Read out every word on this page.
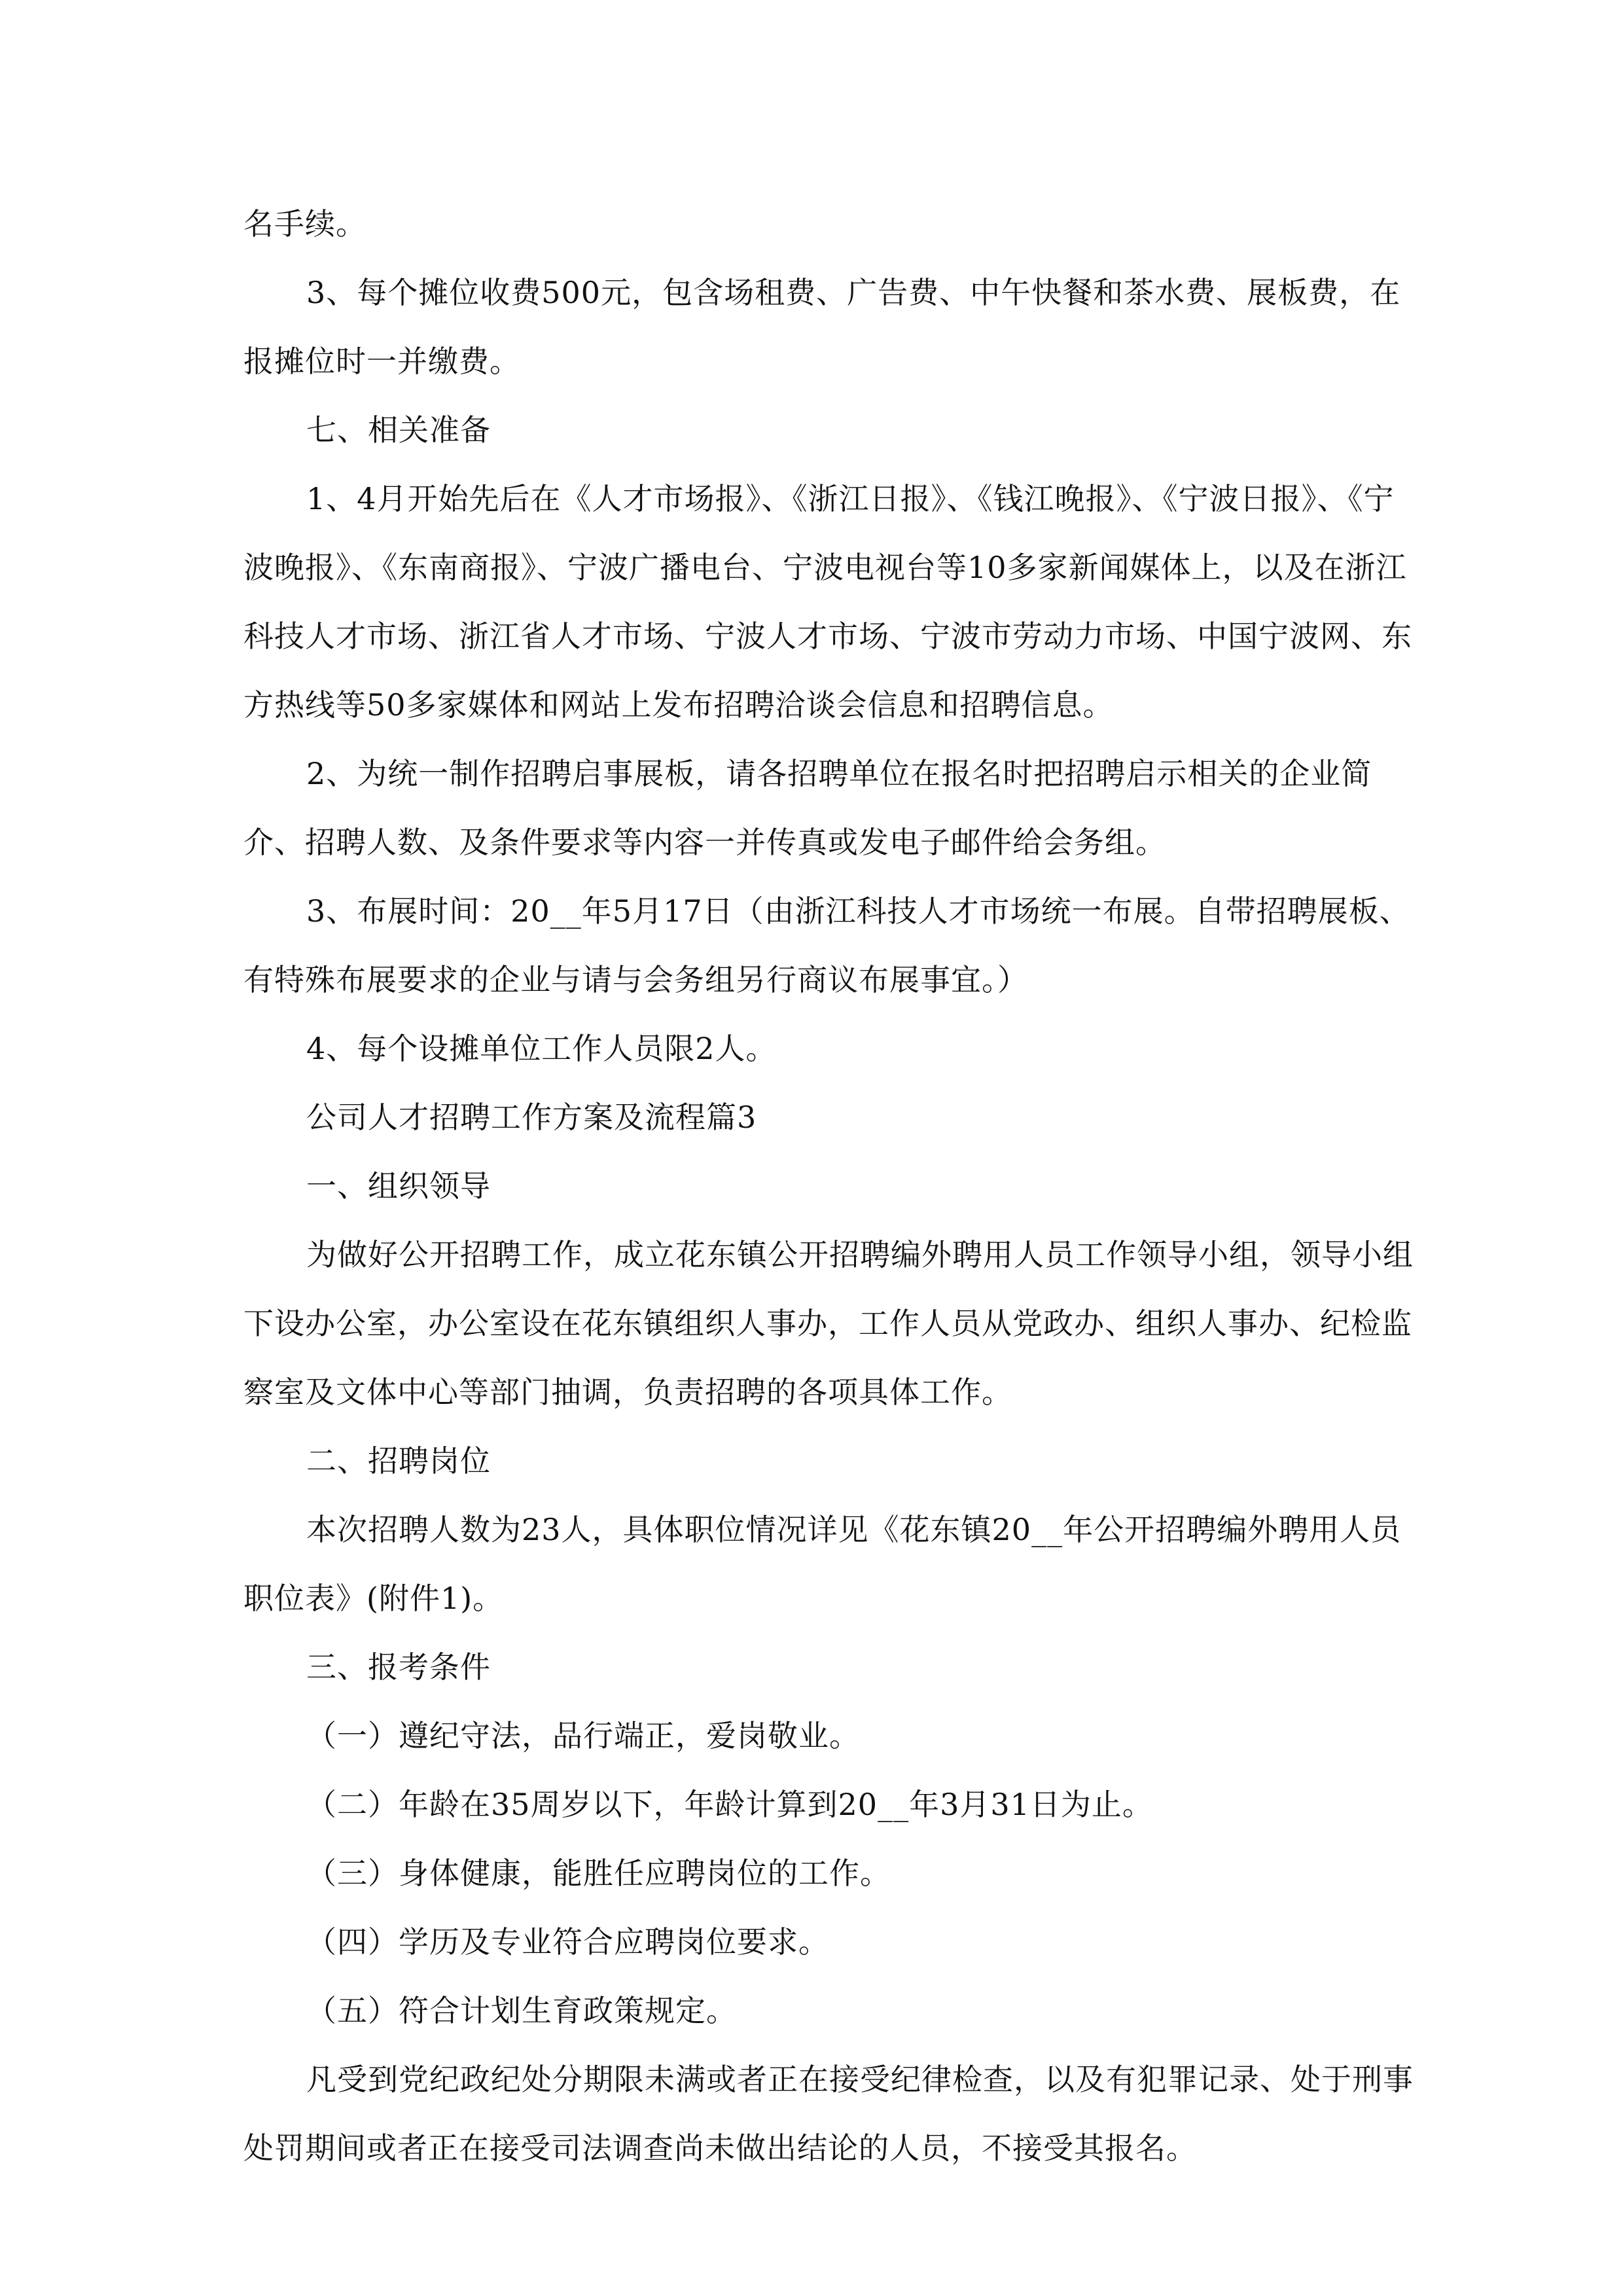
名手续。

3、每个摊位收费500元，包含场租费、广告费、中午快餐和茶水费、展板费，在报摊位时一并缴费。

七、相关准备

1、4月开始先后在《人才市场报》、《浙江日报》、《钱江晚报》、《宁波日报》、《宁波晚报》、《东南商报》、宁波广播电台、宁波电视台等10多家新闻媒体上，以及在浙江科技人才市场、浙江省人才市场、宁波人才市场、宁波市劳动力市场、中国宁波网、东方热线等50多家媒体和网站上发布招聘洽谈会信息和招聘信息。

2、为统一制作招聘启事展板，请各招聘单位在报名时把招聘启示相关的企业简介、招聘人数、及条件要求等内容一并传真或发电子邮件给会务组。

3、布展时间：20__年5月17日（由浙江科技人才市场统一布展。自带招聘展板、有特殊布展要求的企业与请与会务组另行商议布展事宜。）

4、每个设摊单位工作人员限2人。

公司人才招聘工作方案及流程篇3

一、组织领导

为做好公开招聘工作，成立花东镇公开招聘编外聘用人员工作领导小组，领导小组下设办公室，办公室设在花东镇组织人事办，工作人员从党政办、组织人事办、纪检监察室及文体中心等部门抽调，负责招聘的各项具体工作。

二、招聘岗位

本次招聘人数为23人，具体职位情况详见《花东镇20__年公开招聘编外聘用人员职位表》(附件1)。

三、报考条件

（一）遵纪守法，品行端正，爱岗敬业。

（二）年龄在35周岁以下，年龄计算到20__年3月31日为止。

（三）身体健康，能胜任应聘岗位的工作。

（四）学历及专业符合应聘岗位要求。

（五）符合计划生育政策规定。

凡受到党纪政纪处分期限未满或者正在接受纪律检查，以及有犯罪记录、处于刑事处罚期间或者正在接受司法调查尚未做出结论的人员，不接受其报名。
